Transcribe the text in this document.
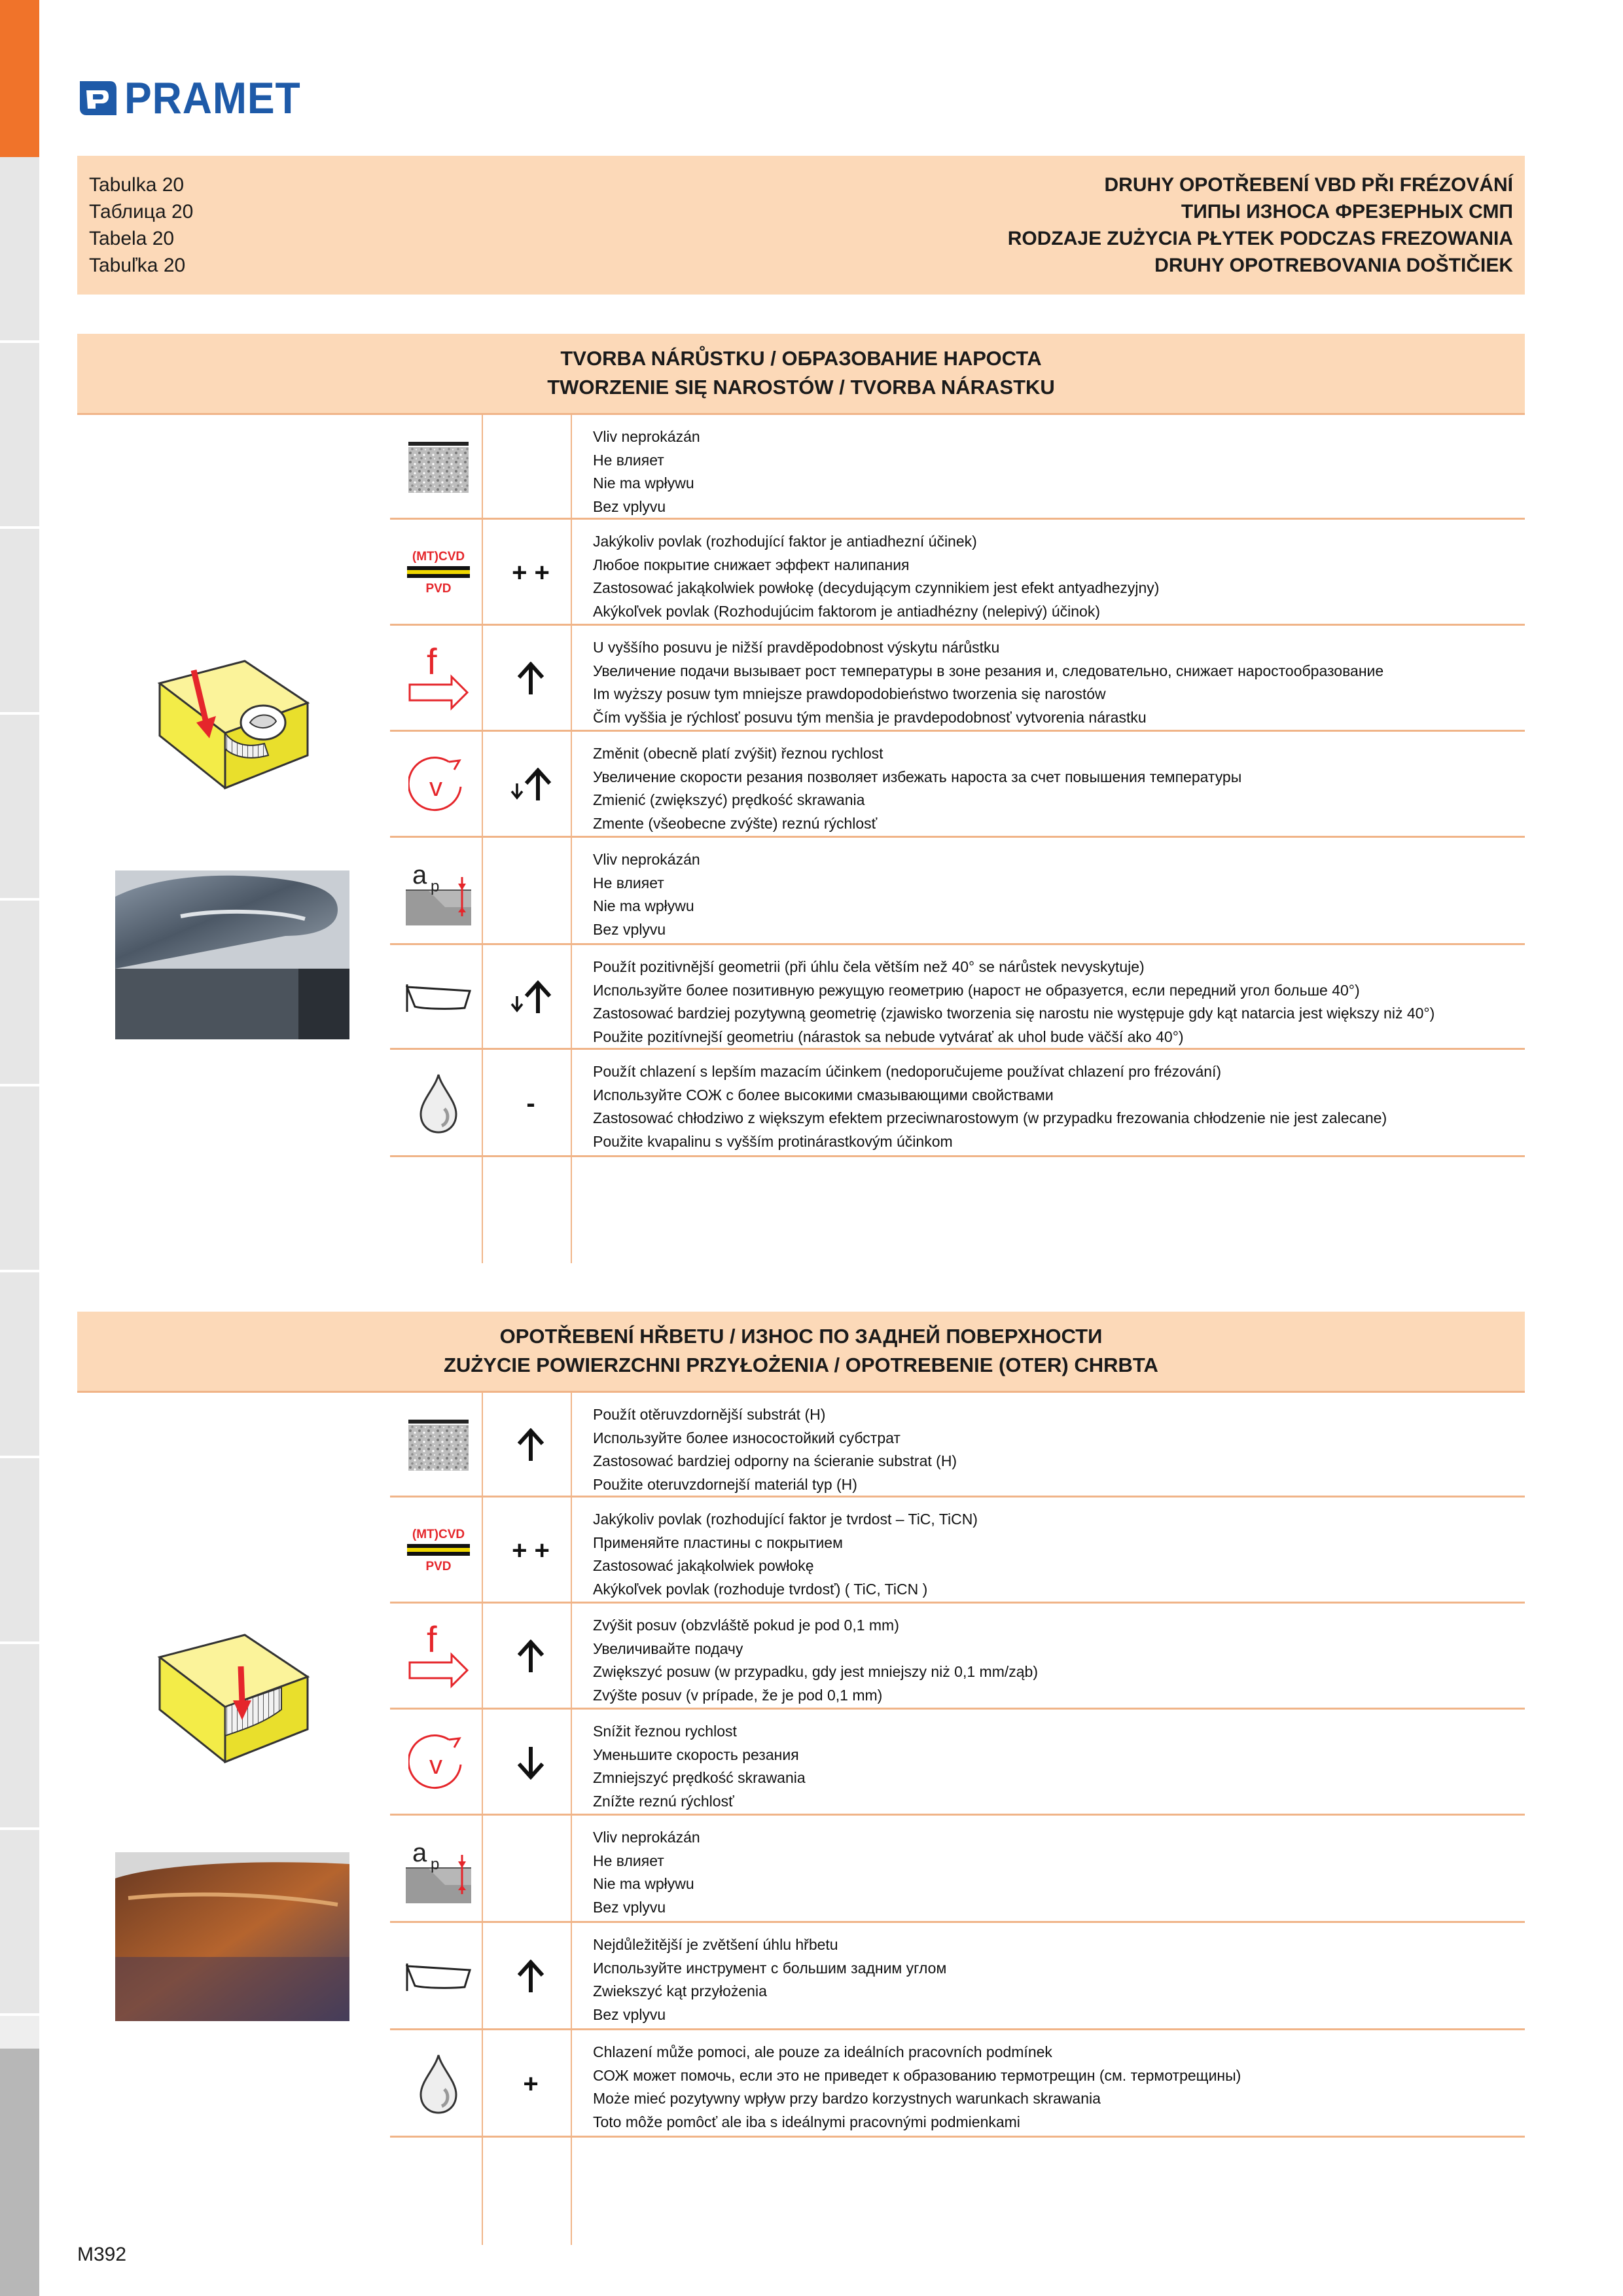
PRAMET
Tabulka 20
Таблица 20
Tabela 20
Tabuľka 20
DRUHY OPOTŘEBENÍ VBD PŘI FRÉZOVÁNÍ
ТИПЫ ИЗНОСА ФРЕЗЕРНЫХ СМП
RODZAJE ZUŻYCIA PŁYTEK PODCZAS FREZOWANIA
DRUHY OPOTREBOVANIA DOŠTIČIEK
TVORBA NÁRŮSTKU / ОБРАЗОВАНИЕ НАРОСТА
TWORZENIE SIĘ NAROSTÓW / TVORBA NÁRASTKU
Vliv neprokázán
Не влияет
Nie ma wpływu
Bez vplyvu
(MT)CVD
PVD
+ +
Jakýkoliv povlak (rozhodující faktor je antiadhezní účinek)
Любое покрытие снижает эффект налипания
Zastosować jakąkolwiek powłokę (decydującym czynnikiem jest efekt antyadhezyjny)
Akýkoľvek povlak (Rozhodujúcim faktorom je antiadhézny (nelepivý) účinok)
f	U vyššího posuvu je nižší pravděpodobnost výskytu nárůstku
Увеличение подачи вызывает рост температуры в зоне резания и, следовательно, снижает наростообразование
Im wyższy posuw tym mniejsze prawdopodobieństwo tworzenia się narostów
Čím vyššia je rýchlosť posuvu tým menšia je pravdepodobnosť vytvorenia nárastku
v
Změnit (obecně platí zvýšit) řeznou rychlost
Увеличение скорости резания позволяет избежать нароста за счет повышения температуры
Zmienić (zwiększyć) prędkość skrawania
Zmente (všeobecne zvýšte) reznú rýchlosť
a p
Vliv neprokázán
Не влияет
Nie ma wpływu
Bez vplyvu
Použít pozitivnější geometrii (při úhlu čela větším než 40° se nárůstek nevyskytuje)
Используйте более позитивную режущую геометрию (нарост не образуется, если передний угол больше 40°)
Zastosować bardziej pozytywną geometrię (zjawisko tworzenia się narostu nie występuje gdy kąt natarcia jest większy niż 40°)
Použite pozitívnejší geometriu (nárastok sa nebude vytvárať ak uhol bude väčší ako 40°)
-
Použít chlazení s lepším mazacím účinkem (nedoporučujeme používat chlazení pro frézování)
Используйте СОЖ с более высокими смазывающими свойствами
Zastosować chłodziwo z większym efektem przeciwnarostowym (w przypadku frezowania chłodzenie nie jest zalecane)
Použite kvapalinu s vyšším protinárastkovým účinkom
OPOTŘEBENÍ HŘBETU / ИЗНОС ПО ЗАДНЕЙ ПОВЕРХНОСТИ
ZUŻYCIE POWIERZCHNI PRZYŁOŻENIA / OPOTREBENIE (OTER) CHRBTA
Použít otěruvzdornější substrát (H)
Используйте более износостойкий субстрат
Zastosować bardziej odporny na ścieranie substrat (H)
Použite oteruvzdornejší materiál typ (H)
(MT)CVD
PVD
+ +
Jakýkoliv povlak (rozhodující faktor je tvrdost – TiC, TiCN)
Применяйте пластины с покрытием
Zastosować jakąkolwiek powłokę
Akýkoľvek povlak (rozhoduje tvrdosť) ( TiC, TiCN )
f	Zvýšit posuv (obzvláště pokud je pod 0,1 mm)
Увеличивайте подачу
Zwiększyć posuw (w przypadku, gdy jest mniejszy niż 0,1 mm/ząb)
Zvýšte posuv (v prípade, že je pod 0,1 mm)
v
Snížit řeznou rychlost
Уменьшите скорость резания
Zmniejszyć prędkość skrawania
Znížte reznú rýchlosť
a p
Vliv neprokázán
Не влияет
Nie ma wpływu
Bez vplyvu
Nejdůležitější je zvětšení úhlu hřbetu
Используйте инструмент с большим задним углом
Zwiekszyć kąt przyłożenia
Bez vplyvu
+
Chlazení může pomoci, ale pouze za ideálních pracovních podmínek
СОЖ может помочь, если это не приведет к образованию термотрещин (см. термотрещины)
Może mieć pozytywny wpływ przy bardzo korzystnych warunkach skrawania
Toto môže pomôcť ale iba s ideálnymi pracovnými podmienkami
M392
